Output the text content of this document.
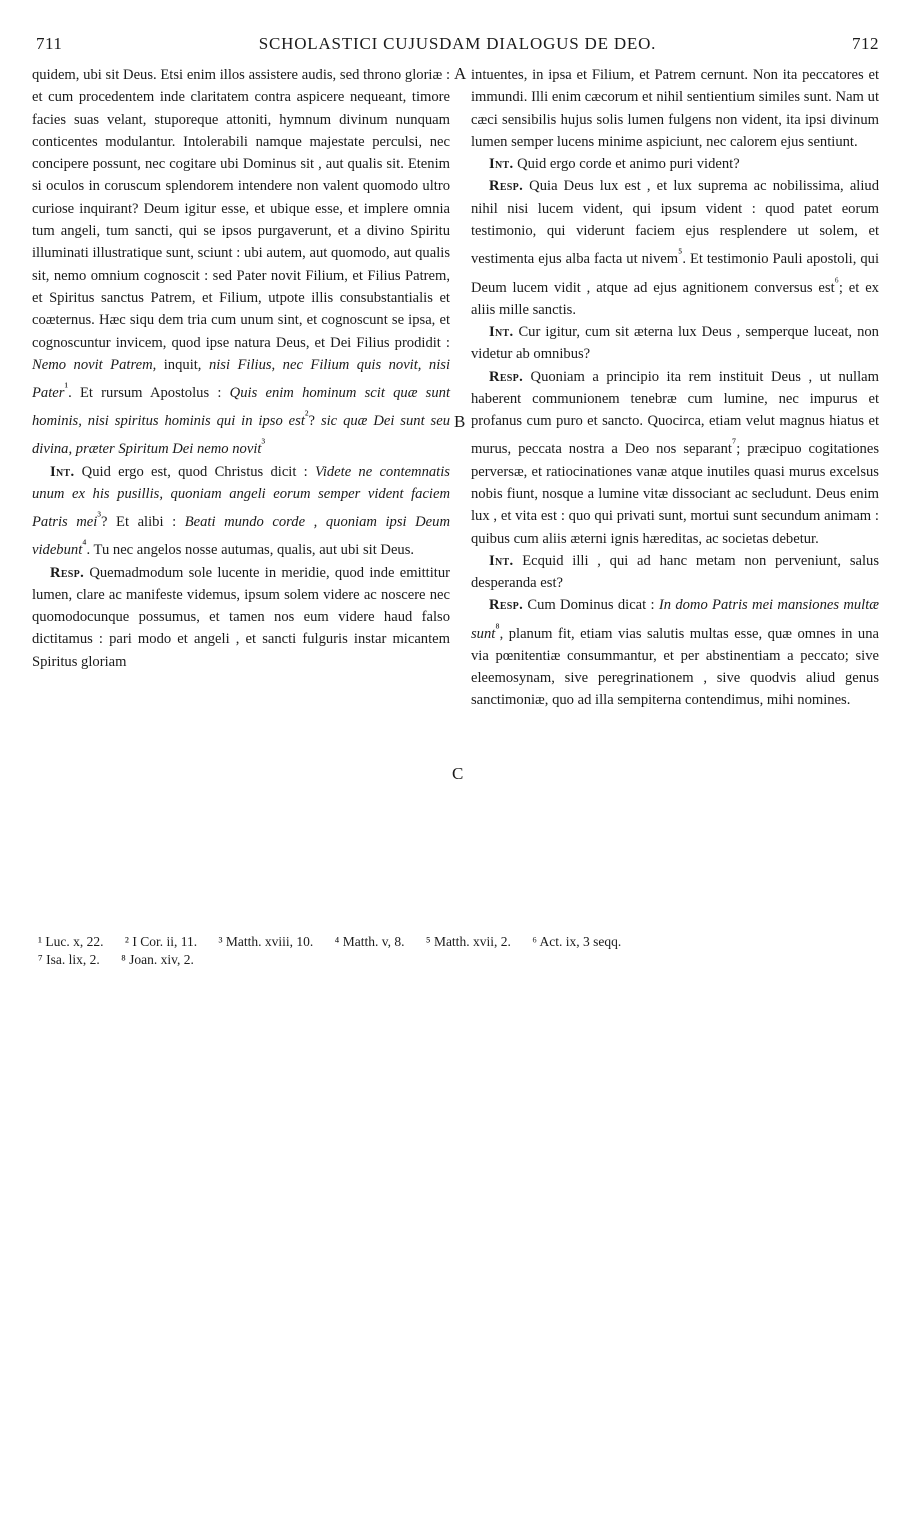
711	SCHOLASTICI CUJUSDAM DIALOGUS DE DEO.	712
A
B
C

quidem, ubi sit Deus. Etsi enim illos assistere audis, sed throno gloriæ : et cum procedentem inde claritatem contra aspicere nequeant, timore facies suas velant, stuporeque attoniti, hymnum divinum nunquam conticentes modulantur. Intolerabili namque majestate perculsi, nec concipere possunt, nec cogitare ubi Dominus sit , aut qualis sit. Etenim si oculos in coruscum splendorem intendere non valent quomodo ultro curiose inquirant? Deum igitur esse, et ubique esse, et implere omnia tum angeli, tum sancti, qui se ipsos purgaverunt, et a divino Spiritu illuminati illustratique sunt, sciunt : ubi autem, aut quomodo, aut qualis sit, nemo omnium cognoscit : sed Pater novit Filium, et Filius Patrem, et Spiritus sanctus Patrem, et Filium, utpote illis consubstantialis et coæternus. Hæc siqu dem tria cum unum sint, et cognoscunt se ipsa, et cognoscuntur invicem, quod ipse natura Deus, et Dei Filius prodidit : Nemo novit Patrem, inquit, nisi Filius, nec Filium quis novit, nisi Pater$^{^1}$. Et rursum Apostolus : Quis enim hominum scit quæ sunt hominis, nisi spiritus hominis qui in ipso est$^{^2}$? sic quæ Dei sunt seu divina, præter Spiritum Dei nemo novit$^{^3}$

Int. Quid ergo est, quod Christus dicit : Videte ne contemnatis unum ex his pusillis, quoniam angeli eorum semper vident faciem Patris mei$^{^3}$? Et alibi : Beati mundo corde , quoniam ipsi Deum videbunt$^{^4}$. Tu nec angelos nosse autumas, qualis, aut ubi sit Deus.

Resp. Quemadmodum sole lucente in meridie, quod inde emittitur lumen, clare ac manifeste videmus, ipsum solem videre ac noscere nec quomodocunque possumus, et tamen nos eum videre haud falso dictitamus : pari modo et angeli , et sancti fulguris instar micantem Spiritus gloriam

intuentes, in ipsa et Filium, et Patrem cernunt. Non ita peccatores et immundi. Illi enim cæcorum et nihil sentientium similes sunt. Nam ut cæci sensibilis hujus solis lumen fulgens non vident, ita ipsi divinum lumen semper lucens minime aspiciunt, nec calorem ejus sentiunt.

Int. Quid ergo corde et animo puri vident?

Resp. Quia Deus lux est , et lux suprema ac nobilissima, aliud nihil nisi lucem vident, qui ipsum vident : quod patet eorum testimonio, qui viderunt faciem ejus resplendere ut solem, et vestimenta ejus alba facta ut nivem$^{^5}$. Et testimonio Pauli apostoli, qui Deum lucem vidit , atque ad ejus agnitionem conversus est$^{^6}$; et ex aliis mille sanctis.

Int. Cur igitur, cum sit æterna lux Deus , semperque luceat, non videtur ab omnibus?

Resp. Quoniam a principio ita rem instituit Deus , ut nullam haberent communionem tenebræ cum lumine, nec impurus et profanus cum puro et sancto. Quocirca, etiam velut magnus hiatus et murus, peccata nostra a Deo nos separant$^{^7}$; præcipuo cogitationes perversæ, et ratiocinationes vanæ atque inutiles quasi murus excelsus nobis fiunt, nosque a lumine vitæ dissociant ac secludunt. Deus enim lux , et vita est : quo qui privati sunt, mortui sunt secundum animam : quibus cum aliis æterni ignis hæreditas, ac societas debetur.

Int. Ecquid illi , qui ad hanc metam non perveniunt, salus desperanda est?

Resp. Cum Dominus dicat : In domo Patris mei mansiones multæ sunt$^{^8}$, planum fit, etiam vias salutis multas esse, quæ omnes in una via pœnitentiæ consummantur, et per abstinentiam a peccato; sive eleemosynam, sive peregrinationem , sive quodvis aliud genus sanctimoniæ, quo ad illa sempiterna contendimus, mihi nomines.

¹ Luc. x, 22. ² I Cor. ii, 11. ³ Matth. xviii, 10. ⁴ Matth. v, 8. ⁵ Matth. xvii, 2. ⁶ Act. ix, 3 seqq.
⁷ Isa. lix, 2. ⁸ Joan. xiv, 2.
